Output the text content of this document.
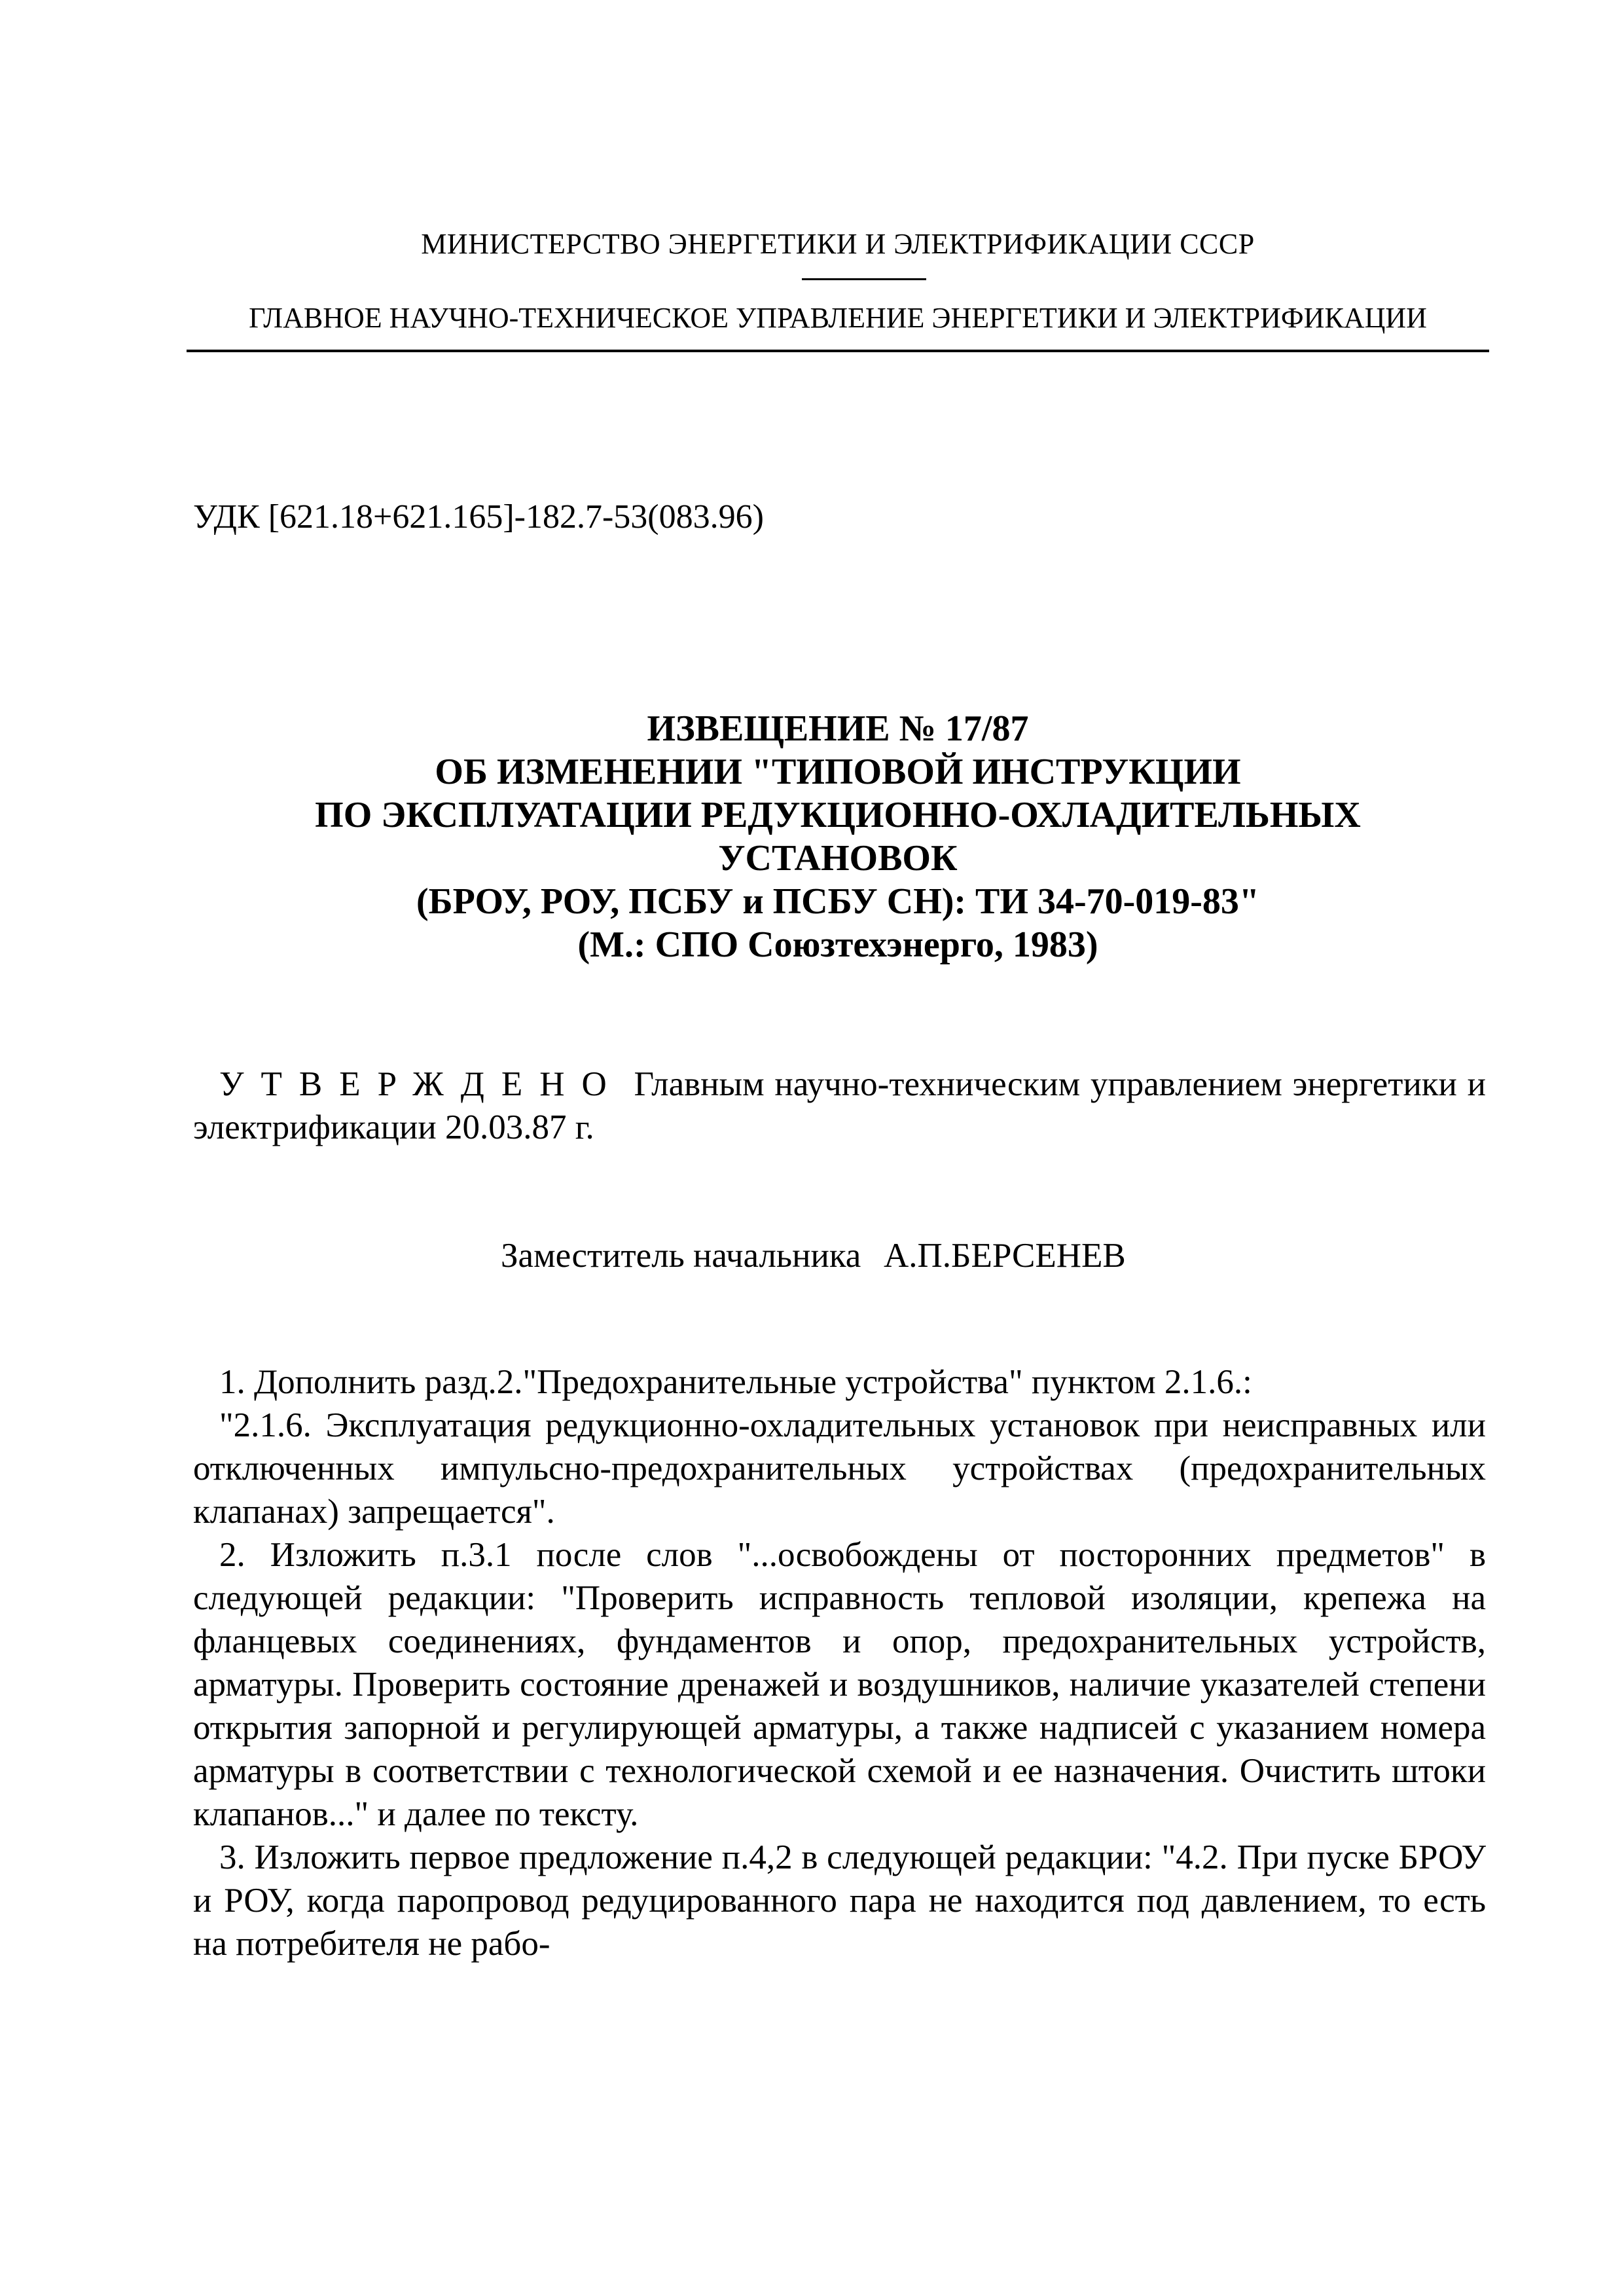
МИНИСТЕРСТВО ЭНЕРГЕТИКИ И ЭЛЕКТРИФИКАЦИИ СССР
ГЛАВНОЕ НАУЧНО-ТЕХНИЧЕСКОЕ УПРАВЛЕНИЕ ЭНЕРГЕТИКИ И ЭЛЕКТРИФИКАЦИИ
УДК [621.18+621.165]-182.7-53(083.96)
ИЗВЕЩЕНИЕ № 17/87
ОБ ИЗМЕНЕНИИ "ТИПОВОЙ ИНСТРУКЦИИ
ПО ЭКСПЛУАТАЦИИ РЕДУКЦИОННО-ОХЛАДИТЕЛЬНЫХ
УСТАНОВОК
(БРОУ, РОУ, ПСБУ и ПСБУ СН): ТИ 34-70-019-83"
(М.: СПО Союзтехэнерго, 1983)

УТВЕРЖДЕНО Главным научно-техническим управлением энергетики и электрификации 20.03.87 г.

Заместитель начальника А.П.БЕРСЕНЕВ

1. Дополнить разд.2."Предохранительные устройства" пунктом 2.1.6.:

"2.1.6. Эксплуатация редукционно-охладительных установок при неисправных или отключенных импульсно-предохранительных устройствах (предохранительных клапанах) запрещается".

2. Изложить п.3.1 после слов "...освобождены от посторонних предметов" в следующей редакции: "Проверить исправность тепловой изоляции, крепежа на фланцевых соединениях, фундаментов и опор, предохранительных устройств, арматуры. Проверить состояние дренажей и воздушников, наличие указателей степени открытия запорной и регулирующей арматуры, а также надписей с указанием номера арматуры в соответствии с технологической схемой и ее назначения. Очистить штоки клапанов..." и далее по тексту.

3. Изложить первое предложение п.4,2 в следующей редакции: "4.2. При пуске БРОУ и РОУ, когда паропровод редуцированного пара не находится под давлением, то есть на потребителя не рабо-
